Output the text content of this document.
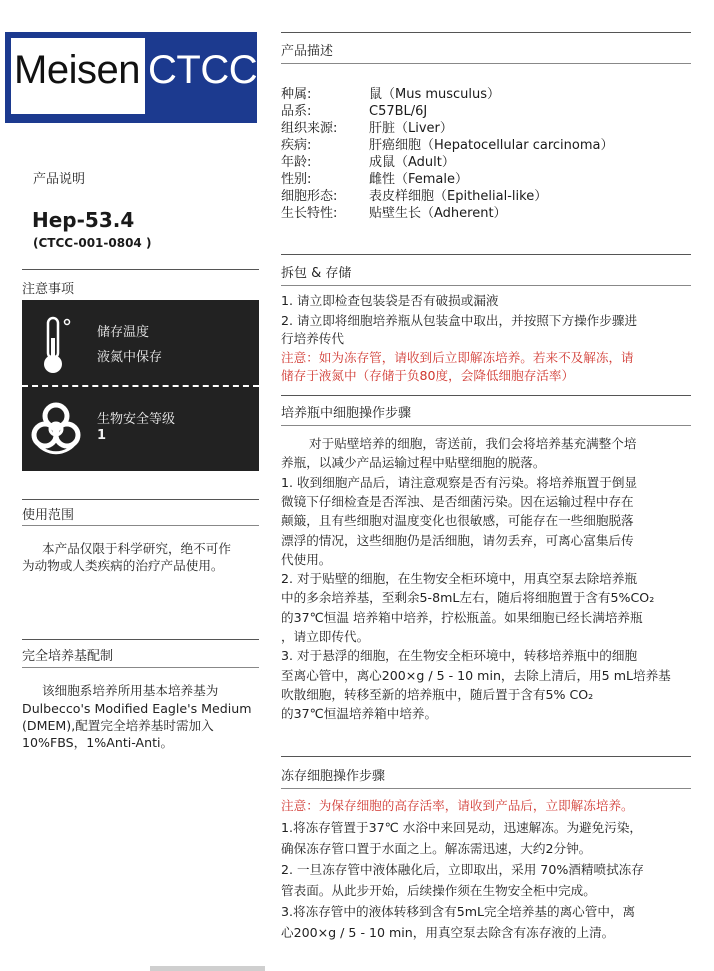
Meisen CTCC
产品说明
Hep-53.4
(CTCC-001-0804 )
注意事项
储存温度
液氮中保存
生物安全等级
1
使用范围
本产品仅限于科学研究，绝不可作
为动物或人类疾病的治疗产品使用。
完全培养基配制
该细胞系培养所用基本培养基为
Dulbecco's Modified Eagle's Medium
(DMEM),配置完全培养基时需加入
10%FBS，1%Anti-Anti。
产品描述
种属:	鼠（Mus musculus）
品系:	C57BL/6J
组织来源: 肝脏（Liver）
疾病:	肝癌细胞（Hepatocellular carcinoma）
年龄:	成鼠（Adult）
性别:	雌性（Female）
细胞形态: 表皮样细胞（Epithelial-like）
生长特性: 贴壁生长（Adherent）
拆包 & 存储
1. 请立即检查包装袋是否有破损或漏液
2. 请立即将细胞培养瓶从包装盒中取出，并按照下方操作步骤进
行培养传代
注意：如为冻存管，请收到后立即解冻培养。若来不及解冻，请
储存于液氮中（存储于负80度，会降低细胞存活率）
培养瓶中细胞操作步骤
对于贴壁培养的细胞，寄送前，我们会将培养基充满整个培
养瓶，以减少产品运输过程中贴壁细胞的脱落。
1. 收到细胞产品后，请注意观察是否有污染。将培养瓶置于倒显
微镜下仔细检查是否浑浊、是否细菌污染。因在运输过程中存在
颠簸，且有些细胞对温度变化也很敏感，可能存在一些细胞脱落
漂浮的情况，这些细胞仍是活细胞，请勿丢弃，可离心富集后传
代使用。
2. 对于贴壁的细胞，在生物安全柜环境中，用真空泵去除培养瓶
中的多余培养基，至剩余5-8mL左右，随后将细胞置于含有5%CO₂
的37℃恒温 培养箱中培养，拧松瓶盖。如果细胞已经长满培养瓶
，请立即传代。
3. 对于悬浮的细胞，在生物安全柜环境中，转移培养瓶中的细胞
至离心管中，离心200×g / 5 - 10 min，去除上清后，用5 mL培养基
吹散细胞，转移至新的培养瓶中，随后置于含有5% CO₂
的37℃恒温培养箱中培养。
冻存细胞操作步骤
注意：为保存细胞的高存活率，请收到产品后，立即解冻培养。
1.将冻存管置于37℃ 水浴中来回晃动，迅速解冻。为避免污染，
确保冻存管口置于水面之上。解冻需迅速，大约2分钟。
2. 一旦冻存管中液体融化后，立即取出，采用 70%酒精喷拭冻存
管表面。从此步开始，后续操作须在生物安全柜中完成。
3.将冻存管中的液体转移到含有5mL完全培养基的离心管中，离
心200×g / 5 - 10 min，用真空泵去除含有冻存液的上清。
